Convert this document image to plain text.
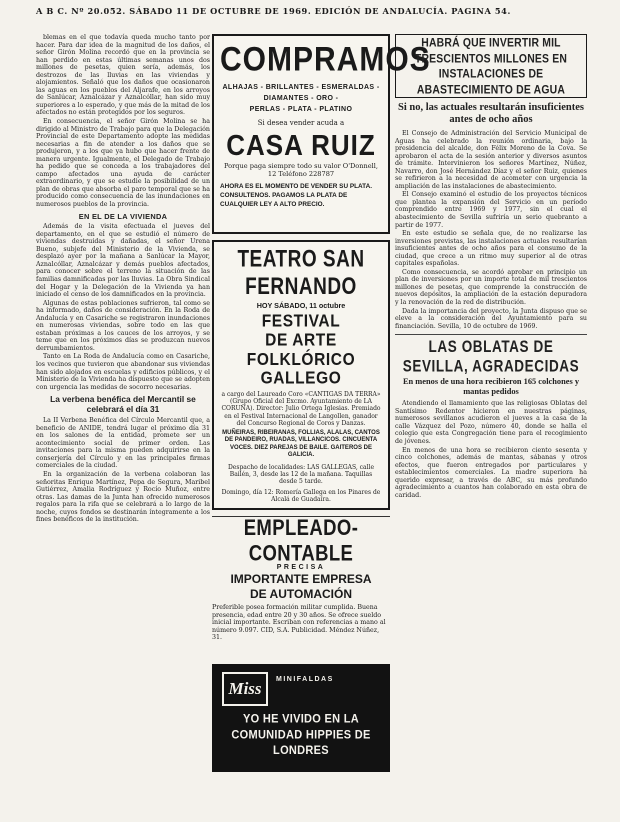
A B C. Nº 20.052. SÁBADO 11 DE OCTUBRE DE 1969. EDICIÓN DE ANDALUCÍA. PAGINA 54.

blemas en el que todavía queda mucho tanto por hacer. Para dar idea de la magnitud de los daños, el señor Girón Molina recordó que en la provincia se han perdido en estas últimas semanas unos dos millones de pesetas, quien sería, además, los destrozos de las lluvias en las viviendas y alojamientos. Señaló que los daños que ocasionaron las aguas en los pueblos del Aljarafe, en los arroyos de Sanlúcar, Aznalcázar y Aznalcóllar, han sido muy superiores a lo esperado, y que más de la mitad de los afectados no están protegidos por los seguros.

En consecuencia, el señor Girón Molina se ha dirigido al Ministro de Trabajo para que la Delegación Provincial de este Departamento adopte las medidas necesarias a fin de atender a los daños que se produjeron, y a los que ya hubo que hacer frente de manera urgente. Igualmente, el Delegado de Trabajo ha pedido que se conceda a los trabajadores del campo afectados una ayuda de carácter extraordinario, y que se estudie la posibilidad de un plan de obras que absorba el paro temporal que se ha producido como consecuencia de las inundaciones en numerosos pueblos de la provincia.

EN EL DE LA VIVIENDA

Además de la visita efectuada el jueves del departamento, en el que se estudió el número de viviendas destruidas y dañadas, el señor Urena Bueno, subjefe del Ministerio de la Vivienda, se desplazó ayer por la mañana a Sanlúcar la Mayor, Aznalcóllar, Aznalcázar y demás pueblos afectados, para conocer sobre el terreno la situación de las familias damnificadas por las lluvias. La Obra Sindical del Hogar y la Delegación de la Vivienda ya han iniciado el censo de los damnificados en la provincia.

Algunas de estas poblaciones sufrieron, tal como se ha informado, daños de consideración. En la Roda de Andalucía y en Casariche se registraron inundaciones en numerosas viviendas, sobre todo en las que estaban próximas a los cauces de los arroyos, y se teme que en los próximos días se produzcan nuevos derrumbamientos.

Tanto en La Roda de Andalucía como en Casariche, los vecinos que tuvieron que abandonar sus viviendas han sido alojados en escuelas y edificios públicos, y el Ministerio de la Vivienda ha dispuesto que se adopten con urgencia las medidas de socorro necesarias.

La verbena benéfica del Mercantil se celebrará el día 31

La II Verbena Benéfica del Círculo Mercantil que, a beneficio de ANIDE, tendrá lugar el próximo día 31 en los salones de la entidad, promete ser un acontecimiento social de primer orden. Las invitaciones para la misma pueden adquirirse en la conserjería del Círculo y en las principales firmas comerciales de la ciudad.

En la organización de la verbena colaboran las señoritas Enrique Martínez, Pepa de Segura, Maribel Gutiérrez, Amalia Rodríguez y Rocío Muñoz, entre otras. Las damas de la Junta han ofrecido numerosos regalos para la rifa que se celebrará a lo largo de la noche, cuyos fondos se destinarán íntegramente a los fines benéficos de la institución.

COMPRAMOS
ALHAJAS - BRILLANTES - ESMERALDAS - DIAMANTES - ORO -
PERLAS - PLATA - PLATINO
Si desea vender acuda a
CASA RUIZ
Porque paga siempre todo su valor O'Donnell, 12 Teléfono 228787
AHORA ES EL MOMENTO DE VENDER SU PLATA. CONSULTENOS. PAGAMOS LA PLATA DE CUALQUIER LEY A ALTO PRECIO.
TEATRO SAN FERNANDO
HOY SÁBADO, 11 octubre
FESTIVAL
DE ARTE FOLKLÓRICO
GALLEGO
a cargo del Laureado Coro «CANTIGAS DA TERRA» (Grupo Oficial del Excmo. Ayuntamiento de LA CORUÑA). Director: Julio Ortega Iglesias. Premiado en el Festival Internacional de Langollen, ganador del Concurso Regional de Coros y Danzas.
MUÑEIRAS, RIBEIRANAS, FOLLIAS, ALALAS, CANTOS DE PANDEIRO, RUADAS, VILLANCICOS. CINCUENTA VOCES. DIEZ PAREJAS DE BAILE. GAITEROS DE GALICIA.
Despacho de localidades: LAS GALLEGAS, calle Bailén, 3, desde las 12 de la mañana. Taquillas desde 5 tarde.
Domingo, día 12: Romería Gallega en los Pinares de Alcalá de Guadaíra.
EMPLEADO-CONTABLE
PRECISA
IMPORTANTE EMPRESA
DE AUTOMACIÓN
Preferible posea formación militar cumplida. Buena presencia, edad entre 20 y 30 años. Se ofrece sueldo inicial importante. Escriban con referencias a mano al número 9.097. CID, S.A. Publicidad. Méndez Núñez, 31.
Miss	MINIFALDAS
YO HE VIVIDO EN LA COMUNIDAD HIPPIES DE LONDRES
HABRÁ QUE INVERTIR MIL TRESCIENTOS MILLONES EN INSTALACIONES DE ABASTECIMIENTO DE AGUA
Si no, las actuales resultarán insuficientes antes de ocho años

El Consejo de Administración del Servicio Municipal de Aguas ha celebrado la reunión ordinaria, bajo la presidencia del alcalde, don Félix Moreno de la Cova. Se aprobaron el acta de la sesión anterior y diversos asuntos de trámite. Intervinieron los señores Martínez, Núñez, Navarro, don José Hernández Díaz y el señor Ruiz, quienes se refirieron a la necesidad de acometer con urgencia la ampliación de las instalaciones de abastecimiento.

El Consejo examinó el estudio de los proyectos técnicos que plantea la expansión del Servicio en un período comprendido entre 1969 y 1977, sin el cual el abastecimiento de Sevilla sufriría un serio quebranto a partir de 1977.

En este estudio se señala que, de no realizarse las inversiones previstas, las instalaciones actuales resultarían insuficientes antes de ocho años para el consumo de la ciudad, que crece a un ritmo muy superior al de otras capitales españolas.

Como consecuencia, se acordó aprobar en principio un plan de inversiones por un importe total de mil trescientos millones de pesetas, que comprende la construcción de nuevos depósitos, la ampliación de la estación depuradora y la renovación de la red de distribución.

Dada la importancia del proyecto, la Junta dispuso que se eleve a la consideración del Ayuntamiento para su financiación. Sevilla, 10 de octubre de 1969.

LAS OBLATAS DE SEVILLA, AGRADECIDAS
En menos de una hora recibieron 165 colchones y mantas pedidos

Atendiendo el llamamiento que las religiosas Oblatas del Santísimo Redentor hicieron en nuestras páginas, numerosos sevillanos acudieron el jueves a la casa de la calle Vázquez del Pozo, número 40, donde se halla el colegio que esta Congregación tiene para el recogimiento de jóvenes.

En menos de una hora se recibieron ciento sesenta y cinco colchones, además de mantas, sábanas y otros efectos, que fueron entregados por particulares y establecimientos comerciales. La madre superiora ha querido expresar, a través de ABC, su más profundo agradecimiento a cuantos han colaborado en esta obra de caridad.
